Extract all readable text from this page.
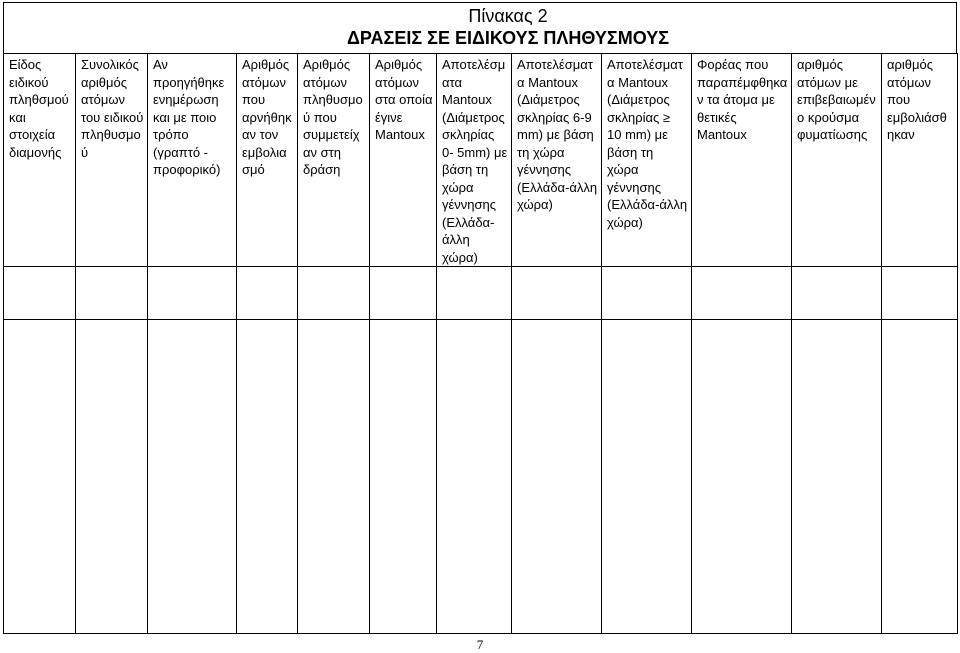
Πίνακας 2
ΔΡΑΣΕΙΣ ΣΕ ΕΙΔΙΚΟΥΣ ΠΛΗΘΥΣΜΟΥΣ
Είδος ειδικού πληθσμού και στοιχεία διαμονής	Συνολικός αριθμός ατόμων του ειδικού πληθυσμού	Αν προηγήθηκε ενημέρωση και με ποιο τρόπο (γραπτό - προφορικό)	Αριθμός ατόμων που αρνήθηκαν τον εμβολιασμό	Αριθμός ατόμων πληθυσμού που συμμετείχαν στη δράση	Αριθμός ατόμων στα οποία έγινε Mantoux	Αποτελέσματα Mantoux (Διάμετρος σκληρίας 0- 5mm) με βάση τη χώρα γέννησης (Ελλάδα-άλλη χώρα)	Αποτελέσματα Mantoux (Διάμετρος σκληρίας 6-9 mm) με βάση τη χώρα γέννησης (Ελλάδα-άλλη χώρα)	Αποτελέσματα Mantoux (Διάμετρος σκληρίας ≥ 10 mm) με βάση τη χώρα γέννησης (Ελλάδα-άλλη χώρα)	Φορέας που παραπέμφθηκαν τα άτομα με θετικές Mantoux	αριθμός ατόμων με επιβεβαιωμένο κρούσμα φυματίωσης	αριθμός ατόμων που εμβολιάσθηκαν

7
